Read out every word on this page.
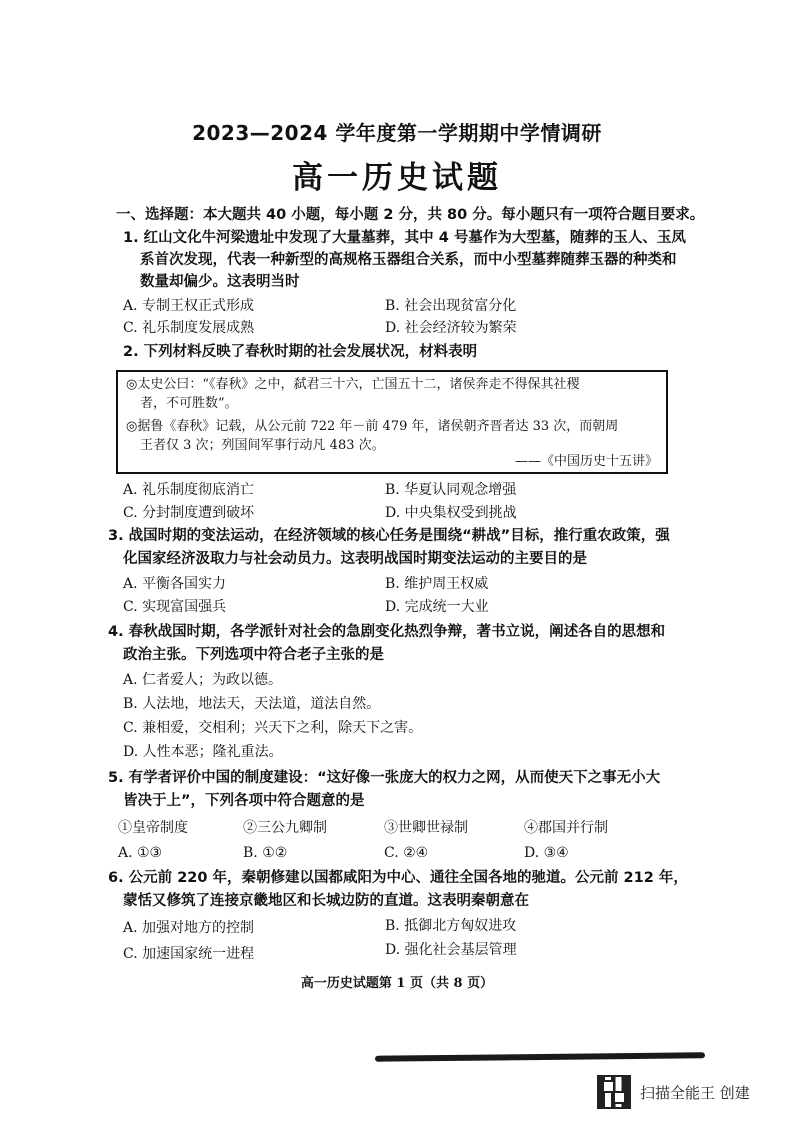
2023—2024 学年度第一学期期中学情调研
高一历史试题
一、选择题：本大题共 40 小题，每小题 2 分，共 80 分。每小题只有一项符合题目要求。
1. 红山文化牛河梁遗址中发现了大量墓葬，其中 4 号墓作为大型墓，随葬的玉人、玉凤
系首次发现，代表一种新型的高规格玉器组合关系，而中小型墓葬随葬玉器的种类和
数量却偏少。这表明当时
A. 专制王权正式形成	B. 社会出现贫富分化
C. 礼乐制度发展成熟	D. 社会经济较为繁荣
2. 下列材料反映了春秋时期的社会发展状况，材料表明
◎太史公曰：“《春秋》之中，弑君三十六，亡国五十二，诸侯奔走不得保其社稷
者，不可胜数”。
◎据鲁《春秋》记载，从公元前 722 年－前 479 年，诸侯朝齐晋者达 33 次，而朝周
王者仅 3 次；列国间军事行动凡 483 次。
——《中国历史十五讲》
A. 礼乐制度彻底消亡	B. 华夏认同观念增强
C. 分封制度遭到破坏	D. 中央集权受到挑战
3. 战国时期的变法运动，在经济领域的核心任务是围绕“耕战”目标，推行重农政策，强
化国家经济汲取力与社会动员力。这表明战国时期变法运动的主要目的是
A. 平衡各国实力	B. 维护周王权威
C. 实现富国强兵	D. 完成统一大业
4. 春秋战国时期，各学派针对社会的急剧变化热烈争辩，著书立说，阐述各自的思想和
政治主张。下列选项中符合老子主张的是
A. 仁者爱人；为政以德。
B. 人法地，地法天，天法道，道法自然。
C. 兼相爱，交相利；兴天下之利，除天下之害。
D. 人性本恶；隆礼重法。
5. 有学者评价中国的制度建设：“这好像一张庞大的权力之网，从而使天下之事无小大
皆决于上”，下列各项中符合题意的是
①皇帝制度	②三公九卿制	③世卿世禄制	④郡国并行制
A. ①③	B. ①②	C. ②④	D. ③④
6. 公元前 220 年，秦朝修建以国都咸阳为中心、通往全国各地的驰道。公元前 212 年，
蒙恬又修筑了连接京畿地区和长城边防的直道。这表明秦朝意在
A. 加强对地方的控制	B. 抵御北方匈奴进攻
C. 加速国家统一进程	D. 强化社会基层管理
高一历史试题第 1 页（共 8 页）
扫描全能王 创建
